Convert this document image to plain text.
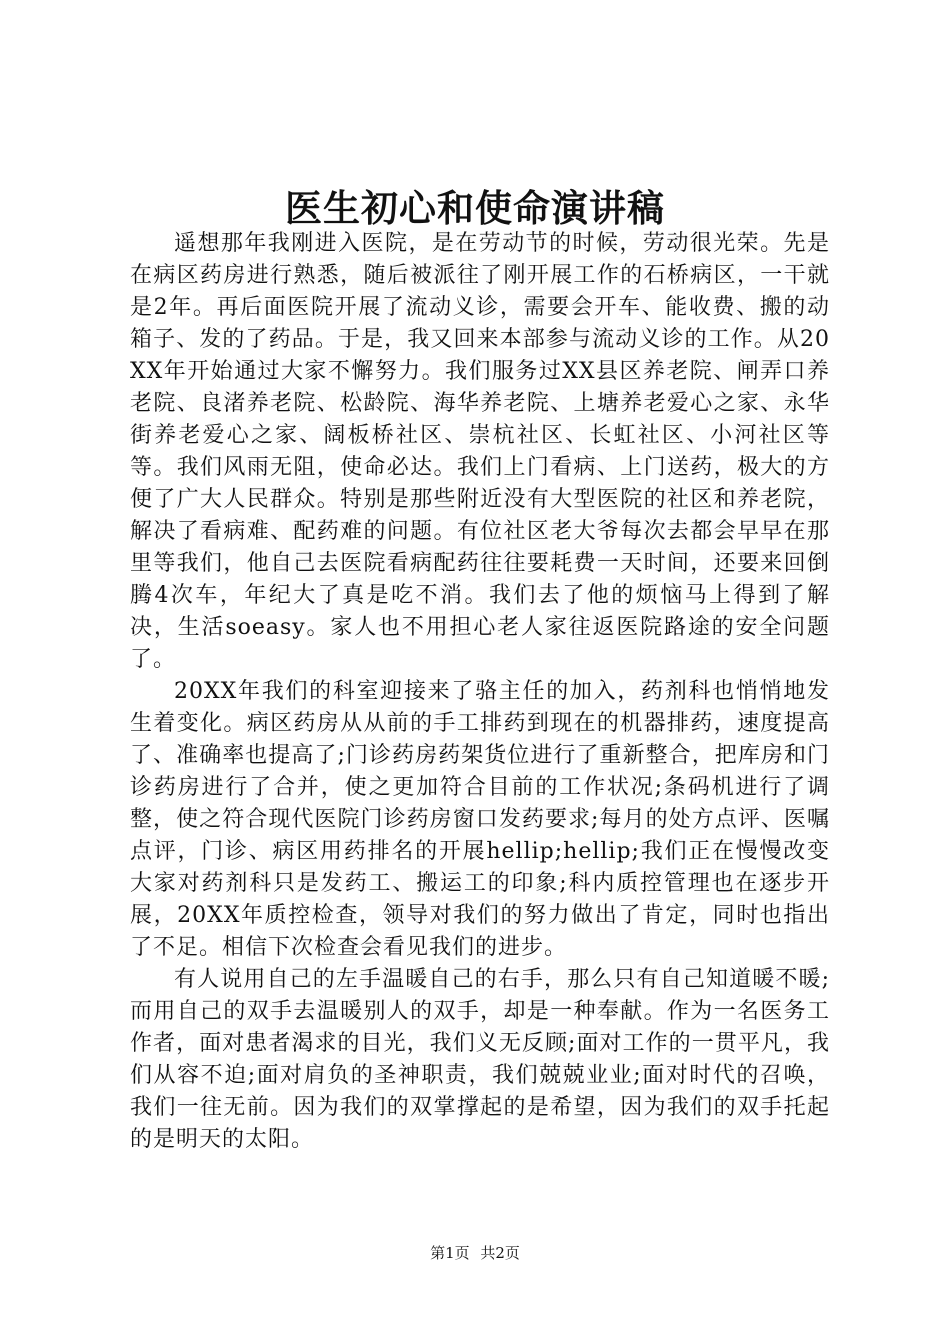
医生初心和使命演讲稿

遥想那年我刚进入医院，是在劳动节的时候，劳动很光荣。先是在病区药房进行熟悉，随后被派往了刚开展工作的石桥病区，一干就是2年。再后面医院开展了流动义诊，需要会开车、能收费、搬的动箱子、发的了药品。于是，我又回来本部参与流动义诊的工作。从20XX年开始通过大家不懈努力。我们服务过XX县区养老院、闸弄口养老院、良渚养老院、松龄院、海华养老院、上塘养老爱心之家、永华街养老爱心之家、阔板桥社区、崇杭社区、长虹社区、小河社区等等。我们风雨无阻，使命必达。我们上门看病、上门送药，极大的方便了广大人民群众。特别是那些附近没有大型医院的社区和养老院，解决了看病难、配药难的问题。有位社区老大爷每次去都会早早在那里等我们，他自己去医院看病配药往往要耗费一天时间，还要来回倒腾4次车，年纪大了真是吃不消。我们去了他的烦恼马上得到了解决，生活soeasy。家人也不用担心老人家往返医院路途的安全问题了。

20XX年我们的科室迎接来了骆主任的加入，药剂科也悄悄地发生着变化。病区药房从从前的手工排药到现在的机器排药，速度提高了、准确率也提高了;门诊药房药架货位进行了重新整合，把库房和门诊药房进行了合并，使之更加符合目前的工作状况;条码机进行了调整，使之符合现代医院门诊药房窗口发药要求;每月的处方点评、医嘱点评，门诊、病区用药排名的开展hellip;hellip;我们正在慢慢改变大家对药剂科只是发药工、搬运工的印象;科内质控管理也在逐步开展，20XX年质控检查，领导对我们的努力做出了肯定，同时也指出了不足。相信下次检查会看见我们的进步。

有人说用自己的左手温暖自己的右手，那么只有自己知道暖不暖;而用自己的双手去温暖别人的双手，却是一种奉献。作为一名医务工作者，面对患者渴求的目光，我们义无反顾;面对工作的一贯平凡，我们从容不迫;面对肩负的圣神职责，我们兢兢业业;面对时代的召唤，我们一往无前。因为我们的双掌撑起的是希望，因为我们的双手托起的是明天的太阳。

第1页 共2页
